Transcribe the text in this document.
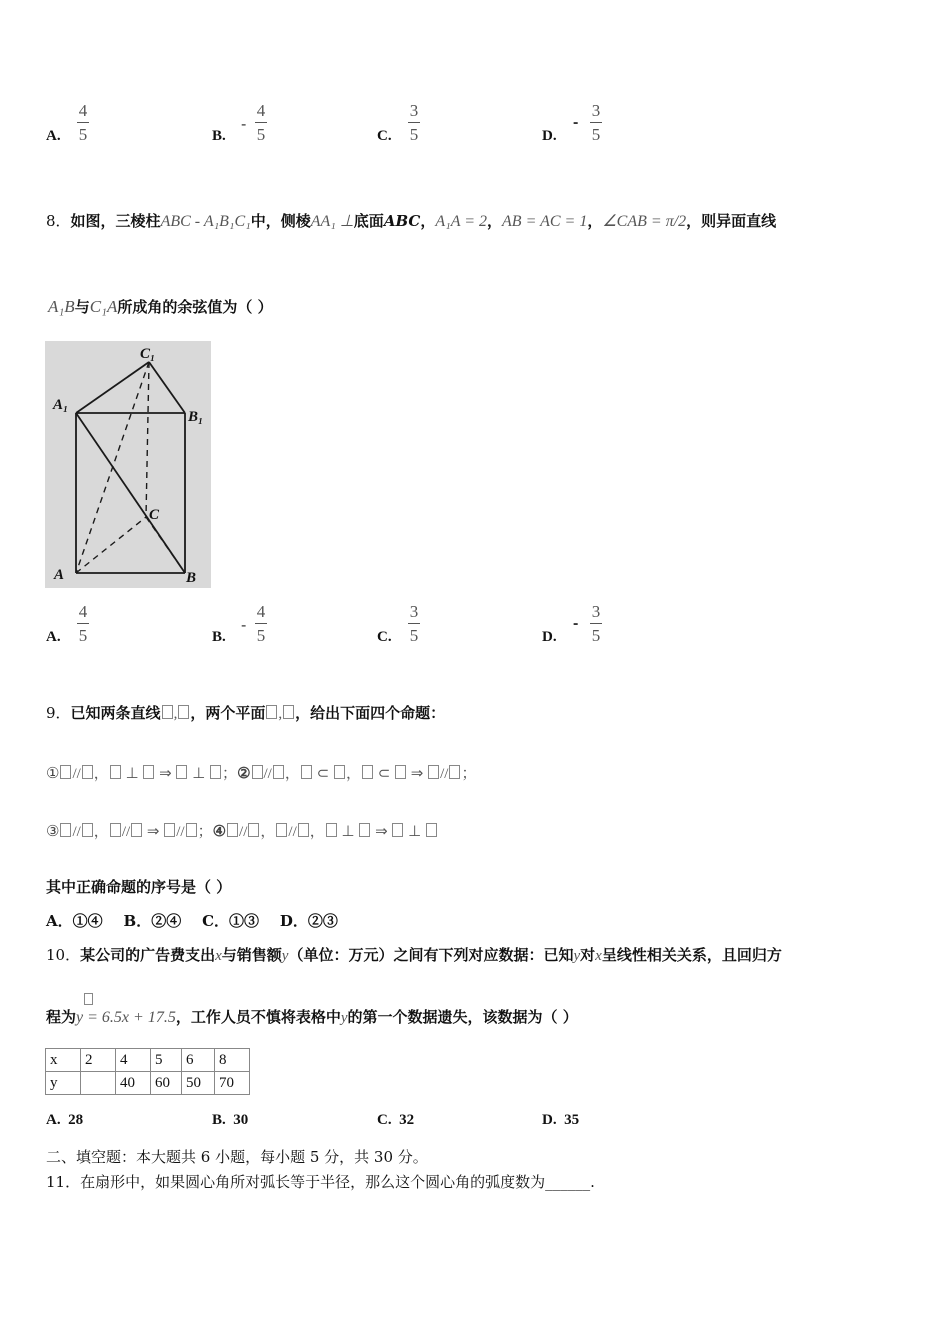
A.
4
5	B.
-
4
5	C.
3
5	D.
-
3
5
8．如图，三棱柱ABC - A₁B₁C₁中，侧棱AA₁ ⊥底面ABC，A₁A = 2，AB = AC = 1，∠CAB = π/2，则异面直线
A₁B与C₁A所成角的余弦值为（ ）
C₁
A₁
B₁
C
A	B
A.
4
5	B.
-
4
5	C.
3
5	D.
-
3
5
9．已知两条直线 , ，两个平面 , ，给出下面四个命题：
① // ， ⊥  ⇒  ⊥ ；② // ， ⊂ ， ⊂  ⇒ // ；
③ // ， // ⇒ // ；④ // ， // ， ⊥  ⇒  ⊥
其中正确命题的序号是（ ）
A．①④    B．②④    C．①③    D．②③
10．某公司的广告费支出x与销售额y（单位：万元）之间有下列对应数据：已知y对x呈线性相关关系，且回归方
程为y = 6.5x + 17.5，工作人员不慎将表格中y的第一个数据遗失，该数据为（ ）
x	2	4	5	6	8
y		40	60	50	70
A. 28	B. 30	C. 32	D. 35
二、填空题：本大题共 6 小题，每小题 5 分，共 30 分。
11．在扇形中，如果圆心角所对弧长等于半径，那么这个圆心角的弧度数为______.
